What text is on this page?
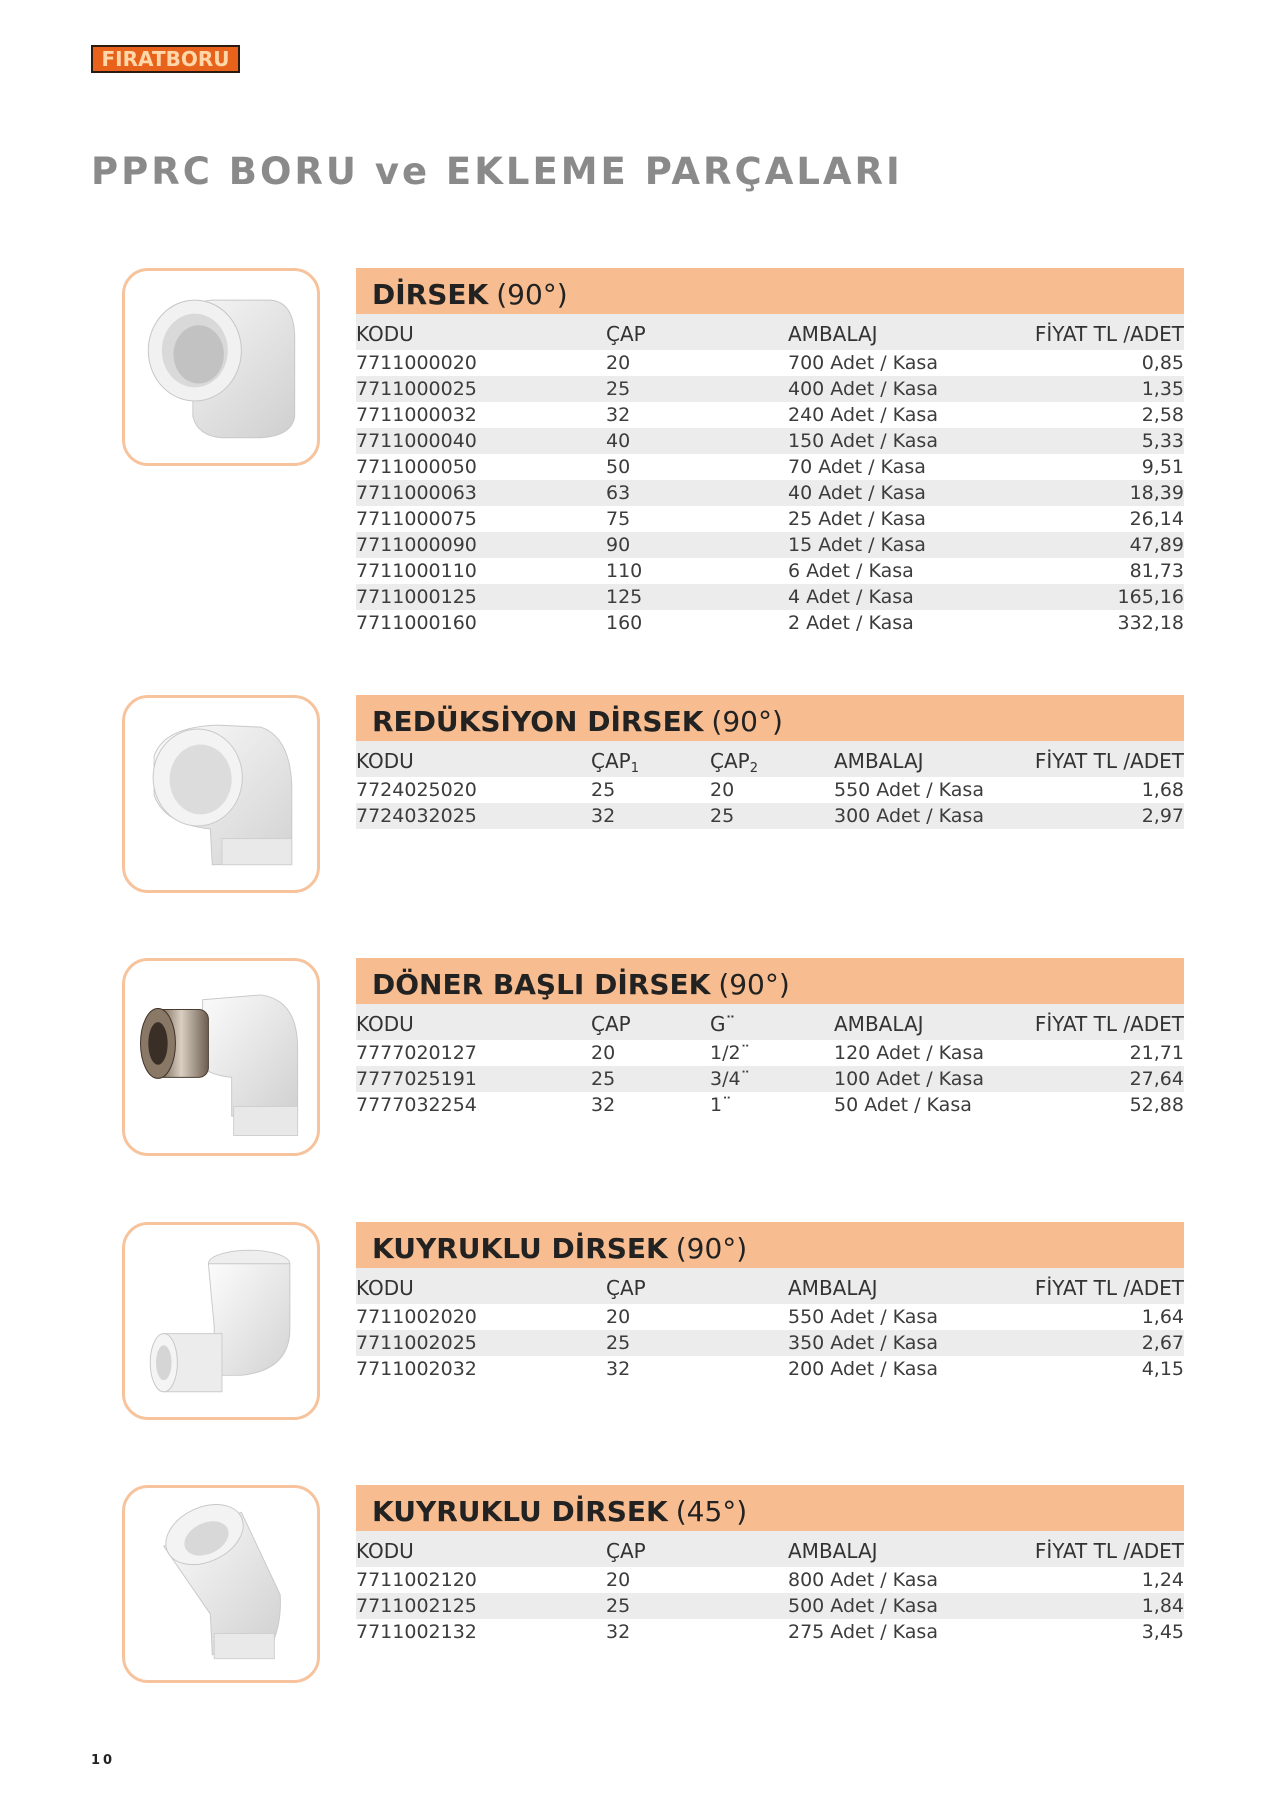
FIRATBORU
PPRC BORU ve EKLEME PARÇALARI
DİRSEK (90°)
KODU	ÇAP	AMBALAJ	FİYAT TL /ADET
7711000020	20	700 Adet / Kasa	0,85
7711000025	25	400 Adet / Kasa	1,35
7711000032	32	240 Adet / Kasa	2,58
7711000040	40	150 Adet / Kasa	5,33
7711000050	50	70 Adet / Kasa	9,51
7711000063	63	40 Adet / Kasa	18,39
7711000075	75	25 Adet / Kasa	26,14
7711000090	90	15 Adet / Kasa	47,89
7711000110	110	6 Adet / Kasa	81,73
7711000125	125	4 Adet / Kasa	165,16
7711000160	160	2 Adet / Kasa	332,18
REDÜKSİYON DİRSEK (90°)
KODU	$ÇAP_1$	$ÇAP_2$	AMBALAJ	FİYAT TL /ADET
7724025020	25	20	550 Adet / Kasa	1,68
7724032025	32	25	300 Adet / Kasa	2,97
DÖNER BAŞLI DİRSEK (90°)
KODU	ÇAP	G¨	AMBALAJ	FİYAT TL /ADET
7777020127	20	1/2¨	120 Adet / Kasa	21,71
7777025191	25	3/4¨	100 Adet / Kasa	27,64
7777032254	32	1¨	50 Adet / Kasa	52,88
KUYRUKLU DİRSEK (90°)
KODU	ÇAP	AMBALAJ	FİYAT TL /ADET
7711002020	20	550 Adet / Kasa	1,64
7711002025	25	350 Adet / Kasa	2,67
7711002032	32	200 Adet / Kasa	4,15
KUYRUKLU DİRSEK (45°)
KODU	ÇAP	AMBALAJ	FİYAT TL /ADET
7711002120	20	800 Adet / Kasa	1,24
7711002125	25	500 Adet / Kasa	1,84
7711002132	32	275 Adet / Kasa	3,45
10
